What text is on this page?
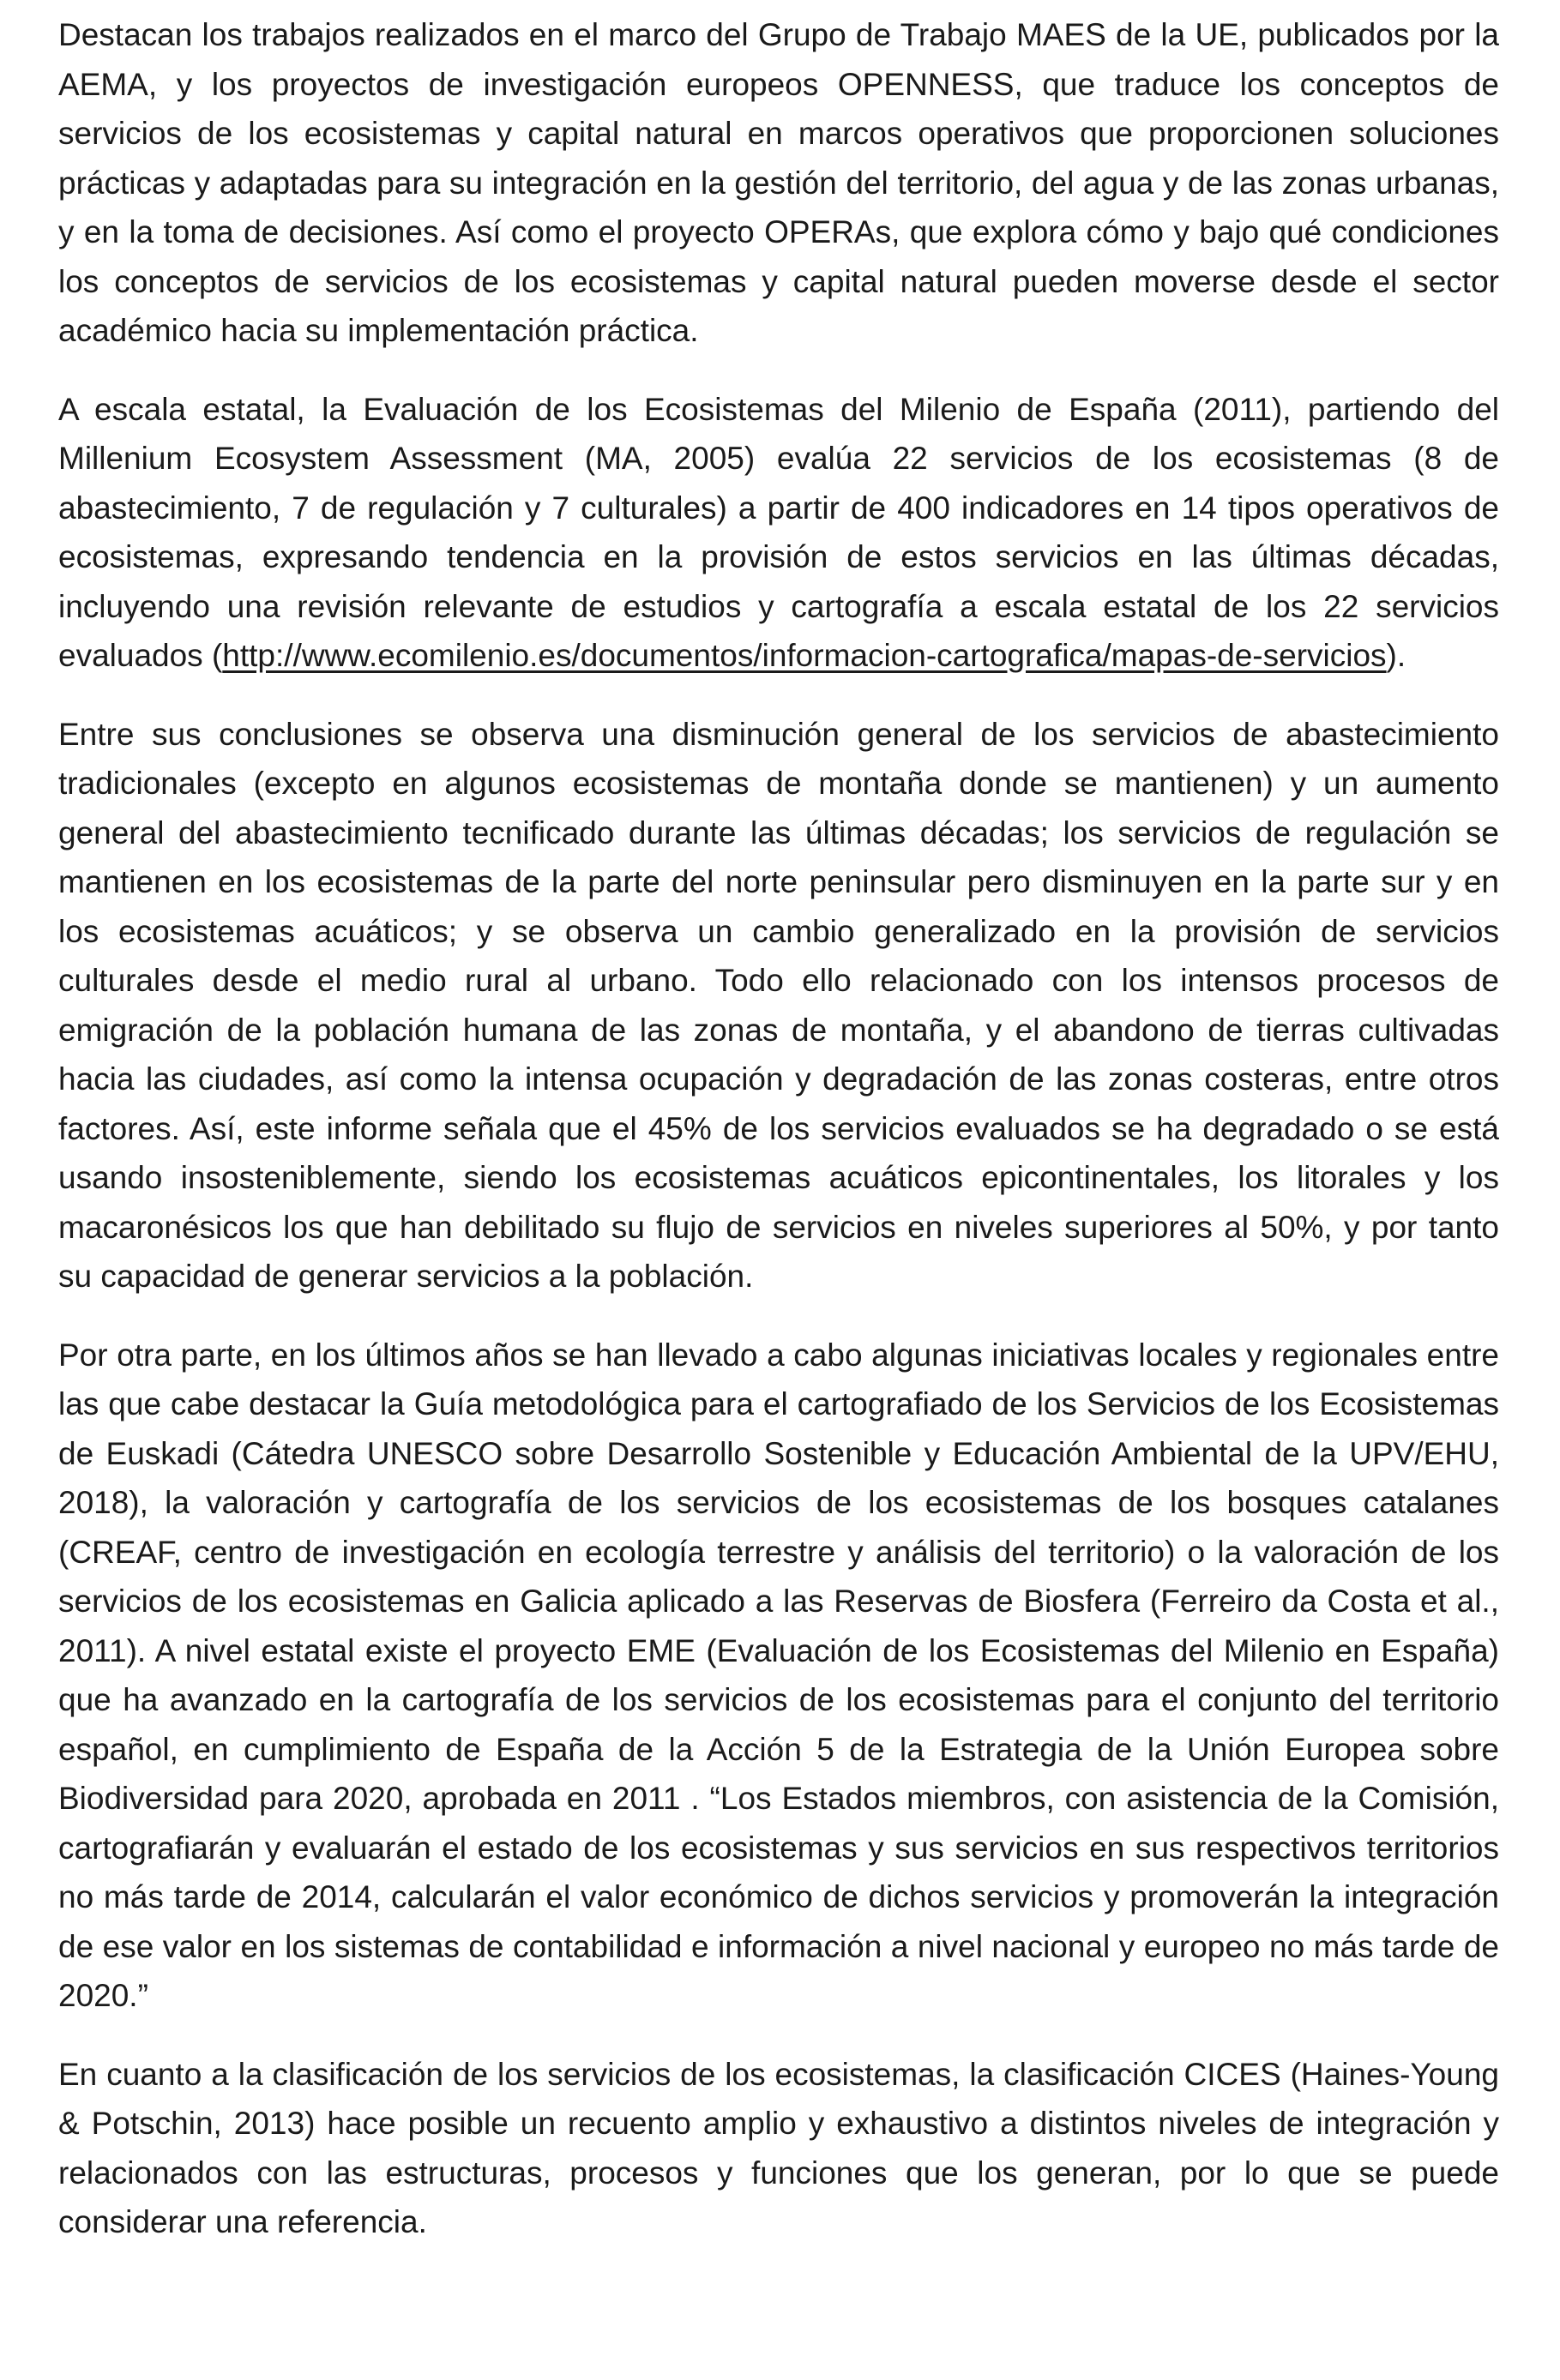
Destacan los trabajos realizados en el marco del Grupo de Trabajo MAES de la UE, publicados por la AEMA, y los proyectos de investigación europeos OPENNESS, que traduce los conceptos de servicios de los ecosistemas y capital natural en marcos operativos que proporcionen soluciones prácticas y adaptadas para su integración en la gestión del territorio, del agua y de las zonas urbanas, y en la toma de decisiones. Así como el proyecto OPERAs, que explora cómo y bajo qué condiciones los conceptos de servicios de los ecosistemas y capital natural pueden moverse desde el sector académico hacia su implementación práctica.

A escala estatal, la Evaluación de los Ecosistemas del Milenio de España (2011), partiendo del Millenium Ecosystem Assessment (MA, 2005) evalúa 22 servicios de los ecosistemas (8 de abastecimiento, 7 de regulación y 7 culturales) a partir de 400 indicadores en 14 tipos operativos de ecosistemas, expresando tendencia en la provisión de estos servicios en las últimas décadas, incluyendo una revisión relevante de estudios y cartografía a escala estatal de los 22 servicios evaluados (http://www.ecomilenio.es/documentos/informacion-cartografica/mapas-de-servicios).

Entre sus conclusiones se observa una disminución general de los servicios de abastecimiento tradicionales (excepto en algunos ecosistemas de montaña donde se mantienen) y un aumento general del abastecimiento tecnificado durante las últimas décadas; los servicios de regulación se mantienen en los ecosistemas de la parte del norte peninsular pero disminuyen en la parte sur y en los ecosistemas acuáticos; y se observa un cambio generalizado en la provisión de servicios culturales desde el medio rural al urbano. Todo ello relacionado con los intensos procesos de emigración de la población humana de las zonas de montaña, y el abandono de tierras cultivadas hacia las ciudades, así como la intensa ocupación y degradación de las zonas costeras, entre otros factores. Así, este informe señala que el 45% de los servicios evaluados se ha degradado o se está usando insosteniblemente, siendo los ecosistemas acuáticos epicontinentales, los litorales y los macaronésicos los que han debilitado su flujo de servicios en niveles superiores al 50%, y por tanto su capacidad de generar servicios a la población.

Por otra parte, en los últimos años se han llevado a cabo algunas iniciativas locales y regionales entre las que cabe destacar la Guía metodológica para el cartografiado de los Servicios de los Ecosistemas de Euskadi (Cátedra UNESCO sobre Desarrollo Sostenible y Educación Ambiental de la UPV/EHU, 2018), la valoración y cartografía de los servicios de los ecosistemas de los bosques catalanes (CREAF, centro de investigación en ecología terrestre y análisis del territorio) o la valoración de los servicios de los ecosistemas en Galicia aplicado a las Reservas de Biosfera (Ferreiro da Costa et al., 2011). A nivel estatal existe el proyecto EME (Evaluación de los Ecosistemas del Milenio en España) que ha avanzado en la cartografía de los servicios de los ecosistemas para el conjunto del territorio español, en cumplimiento de España de la Acción 5 de la Estrategia de la Unión Europea sobre Biodiversidad para 2020, aprobada en 2011 . “Los Estados miembros, con asistencia de la Comisión, cartografiarán y evaluarán el estado de los ecosistemas y sus servicios en sus respectivos territorios no más tarde de 2014, calcularán el valor económico de dichos servicios y promoverán la integración de ese valor en los sistemas de contabilidad e información a nivel nacional y europeo no más tarde de 2020.”

En cuanto a la clasificación de los servicios de los ecosistemas, la clasificación CICES (Haines-Young & Potschin, 2013) hace posible un recuento amplio y exhaustivo a distintos niveles de integración y relacionados con las estructuras, procesos y funciones que los generan, por lo que se puede considerar una referencia.
